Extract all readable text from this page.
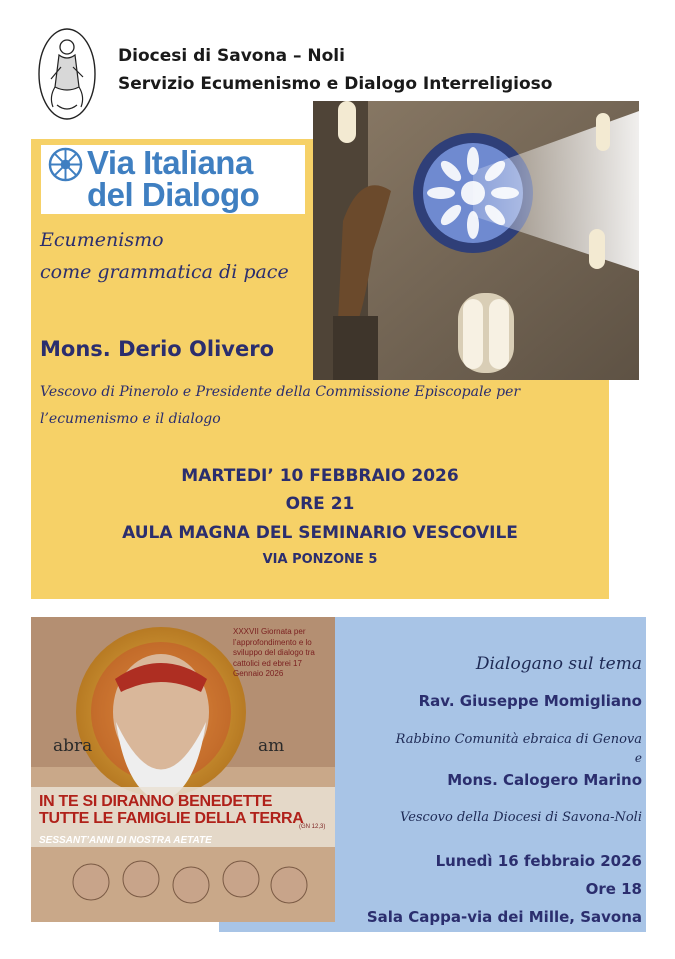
Diocesi di Savona – Noli
Servizio Ecumenismo e Dialogo Interreligioso
Via Italiana
del Dialogo
Ecumenismo
come grammatica di pace
Mons. Derio Olivero
Vescovo di Pinerolo e Presidente della Commissione Episcopale per
l’ecumenismo e il dialogo
MARTEDI’ 10 FEBBRAIO 2026
ORE 21
AULA MAGNA DEL SEMINARIO VESCOVILE
VIA PONZONE 5
XXXVII Giornata per l’approfondimento e lo sviluppo del dialogo tra cattolici ed ebrei 17 Gennaio 2026
abra	am
IN TE SI DIRANNO BENEDETTE
TUTTE LE FAMIGLIE DELLA TERRA
(GN 12,3)
SESSANT’ANNI DI NOSTRA AETATE
Dialogano sul tema
Rav. Giuseppe Momigliano
Rabbino Comunità ebraica di Genova
e
Mons. Calogero Marino
Vescovo della Diocesi di Savona-Noli
Lunedì 16 febbraio 2026
Ore 18
Sala Cappa-via dei Mille, Savona
